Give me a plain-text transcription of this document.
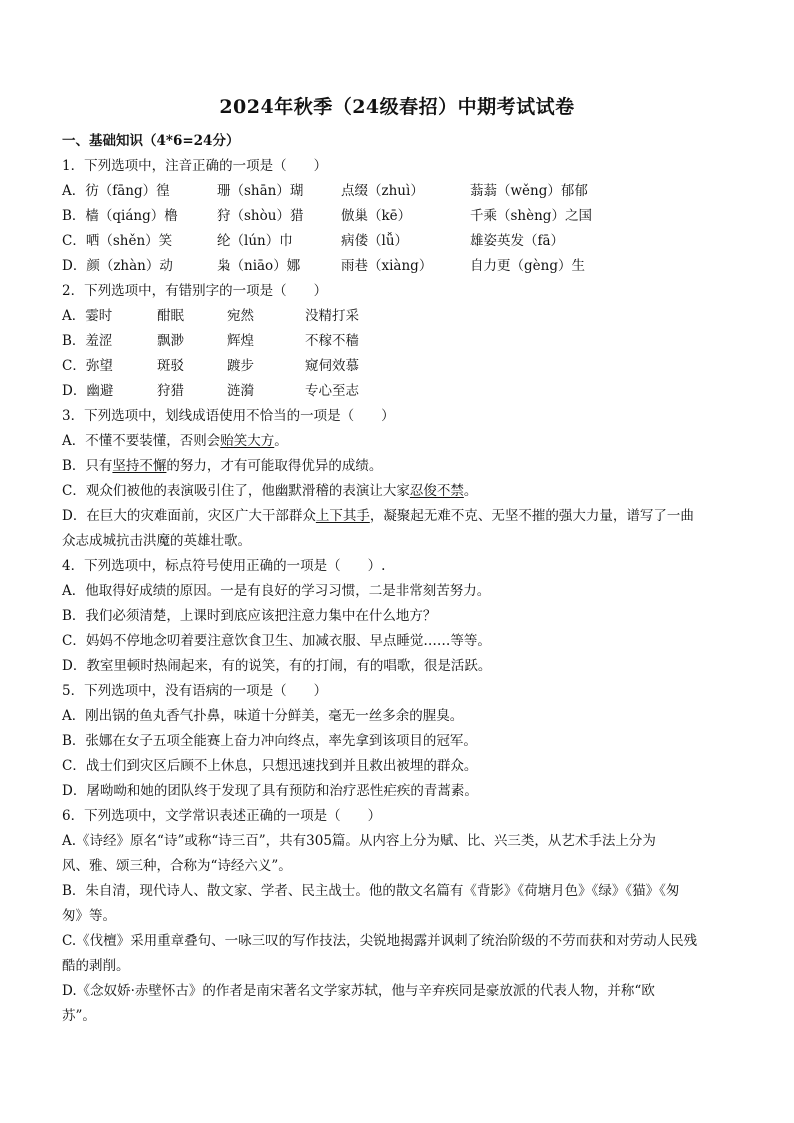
2024年秋季（24级春招）中期考试试卷
一、基础知识（4*6=24分）
1．下列选项中，注音正确的一项是（　　）
A．彷（fāng）徨	珊（shān）瑚	点缀（zhuì）	蓊蓊（wěng）郁郁
B．樯（qiáng）橹	狩（shòu）猎	倣巢（kē）	千乘（shèng）之国
C．哂（shěn）笑	纶（lún）巾	病偻（lǚ）	雄姿英发（fā）
D．颜（zhàn）动	枭（niāo）娜	雨巷（xiàng）	自力更（gèng）生
2．下列选项中，有错别字的一项是（　　）
A．霎时	酣眠	宛然	没精打采
B．羞涩	飘渺	辉煌	不稼不穑
C．弥望	斑驳	踱步	窥伺效慕
D．幽避	狩猎	涟漪	专心至志
3．下列选项中，划线成语使用不恰当的一项是（　　）
A．不懂不要装懂，否则会贻笑大方。
B．只有坚持不懈的努力，才有可能取得优异的成绩。
C．观众们被他的表演吸引住了，他幽默滑稽的表演让大家忍俊不禁。
D．在巨大的灾难面前，灾区广大干部群众上下其手，凝聚起无难不克、无坚不摧的强大力量，谱写了一曲
众志成城抗击洪魔的英雄壮歌。
4．下列选项中，标点符号使用正确的一项是（　　）.
A．他取得好成绩的原因。一是有良好的学习习惯，二是非常刻苦努力。
B．我们必须清楚，上课时到底应该把注意力集中在什么地方？
C．妈妈不停地念叨着要注意饮食卫生、加减衣服、早点睡觉……等等。
D．教室里顿时热闹起来，有的说笑，有的打闹，有的唱歌，很是活跃。
5．下列选项中，没有语病的一项是（　　）
A．刚出锅的鱼丸香气扑鼻，味道十分鲜美，毫无一丝多余的腥臭。
B．张娜在女子五项全能赛上奋力冲向终点，率先拿到该项目的冠军。
C．战士们到灾区后顾不上休息，只想迅速找到并且救出被埋的群众。
D．屠呦呦和她的团队终于发现了具有预防和治疗恶性疟疾的青蒿素。
6．下列选项中，文学常识表述正确的一项是（　　）
A.《诗经》原名“诗”或称“诗三百”，共有305篇。从内容上分为赋、比、兴三类，从艺术手法上分为
风、雅、颂三种，合称为“诗经六义”。
B．朱自清，现代诗人、散文家、学者、民主战士。他的散文名篇有《背影》《荷塘月色》《绿》《猫》《匆
匆》等。
C.《伐檀》采用重章叠句、一咏三叹的写作技法，尖锐地揭露并讽刺了统治阶级的不劳而获和对劳动人民残
酷的剥削。
D.《念奴娇·赤壁怀古》的作者是南宋著名文学家苏轼，他与辛弃疾同是豪放派的代表人物，并称“欧
苏”。
